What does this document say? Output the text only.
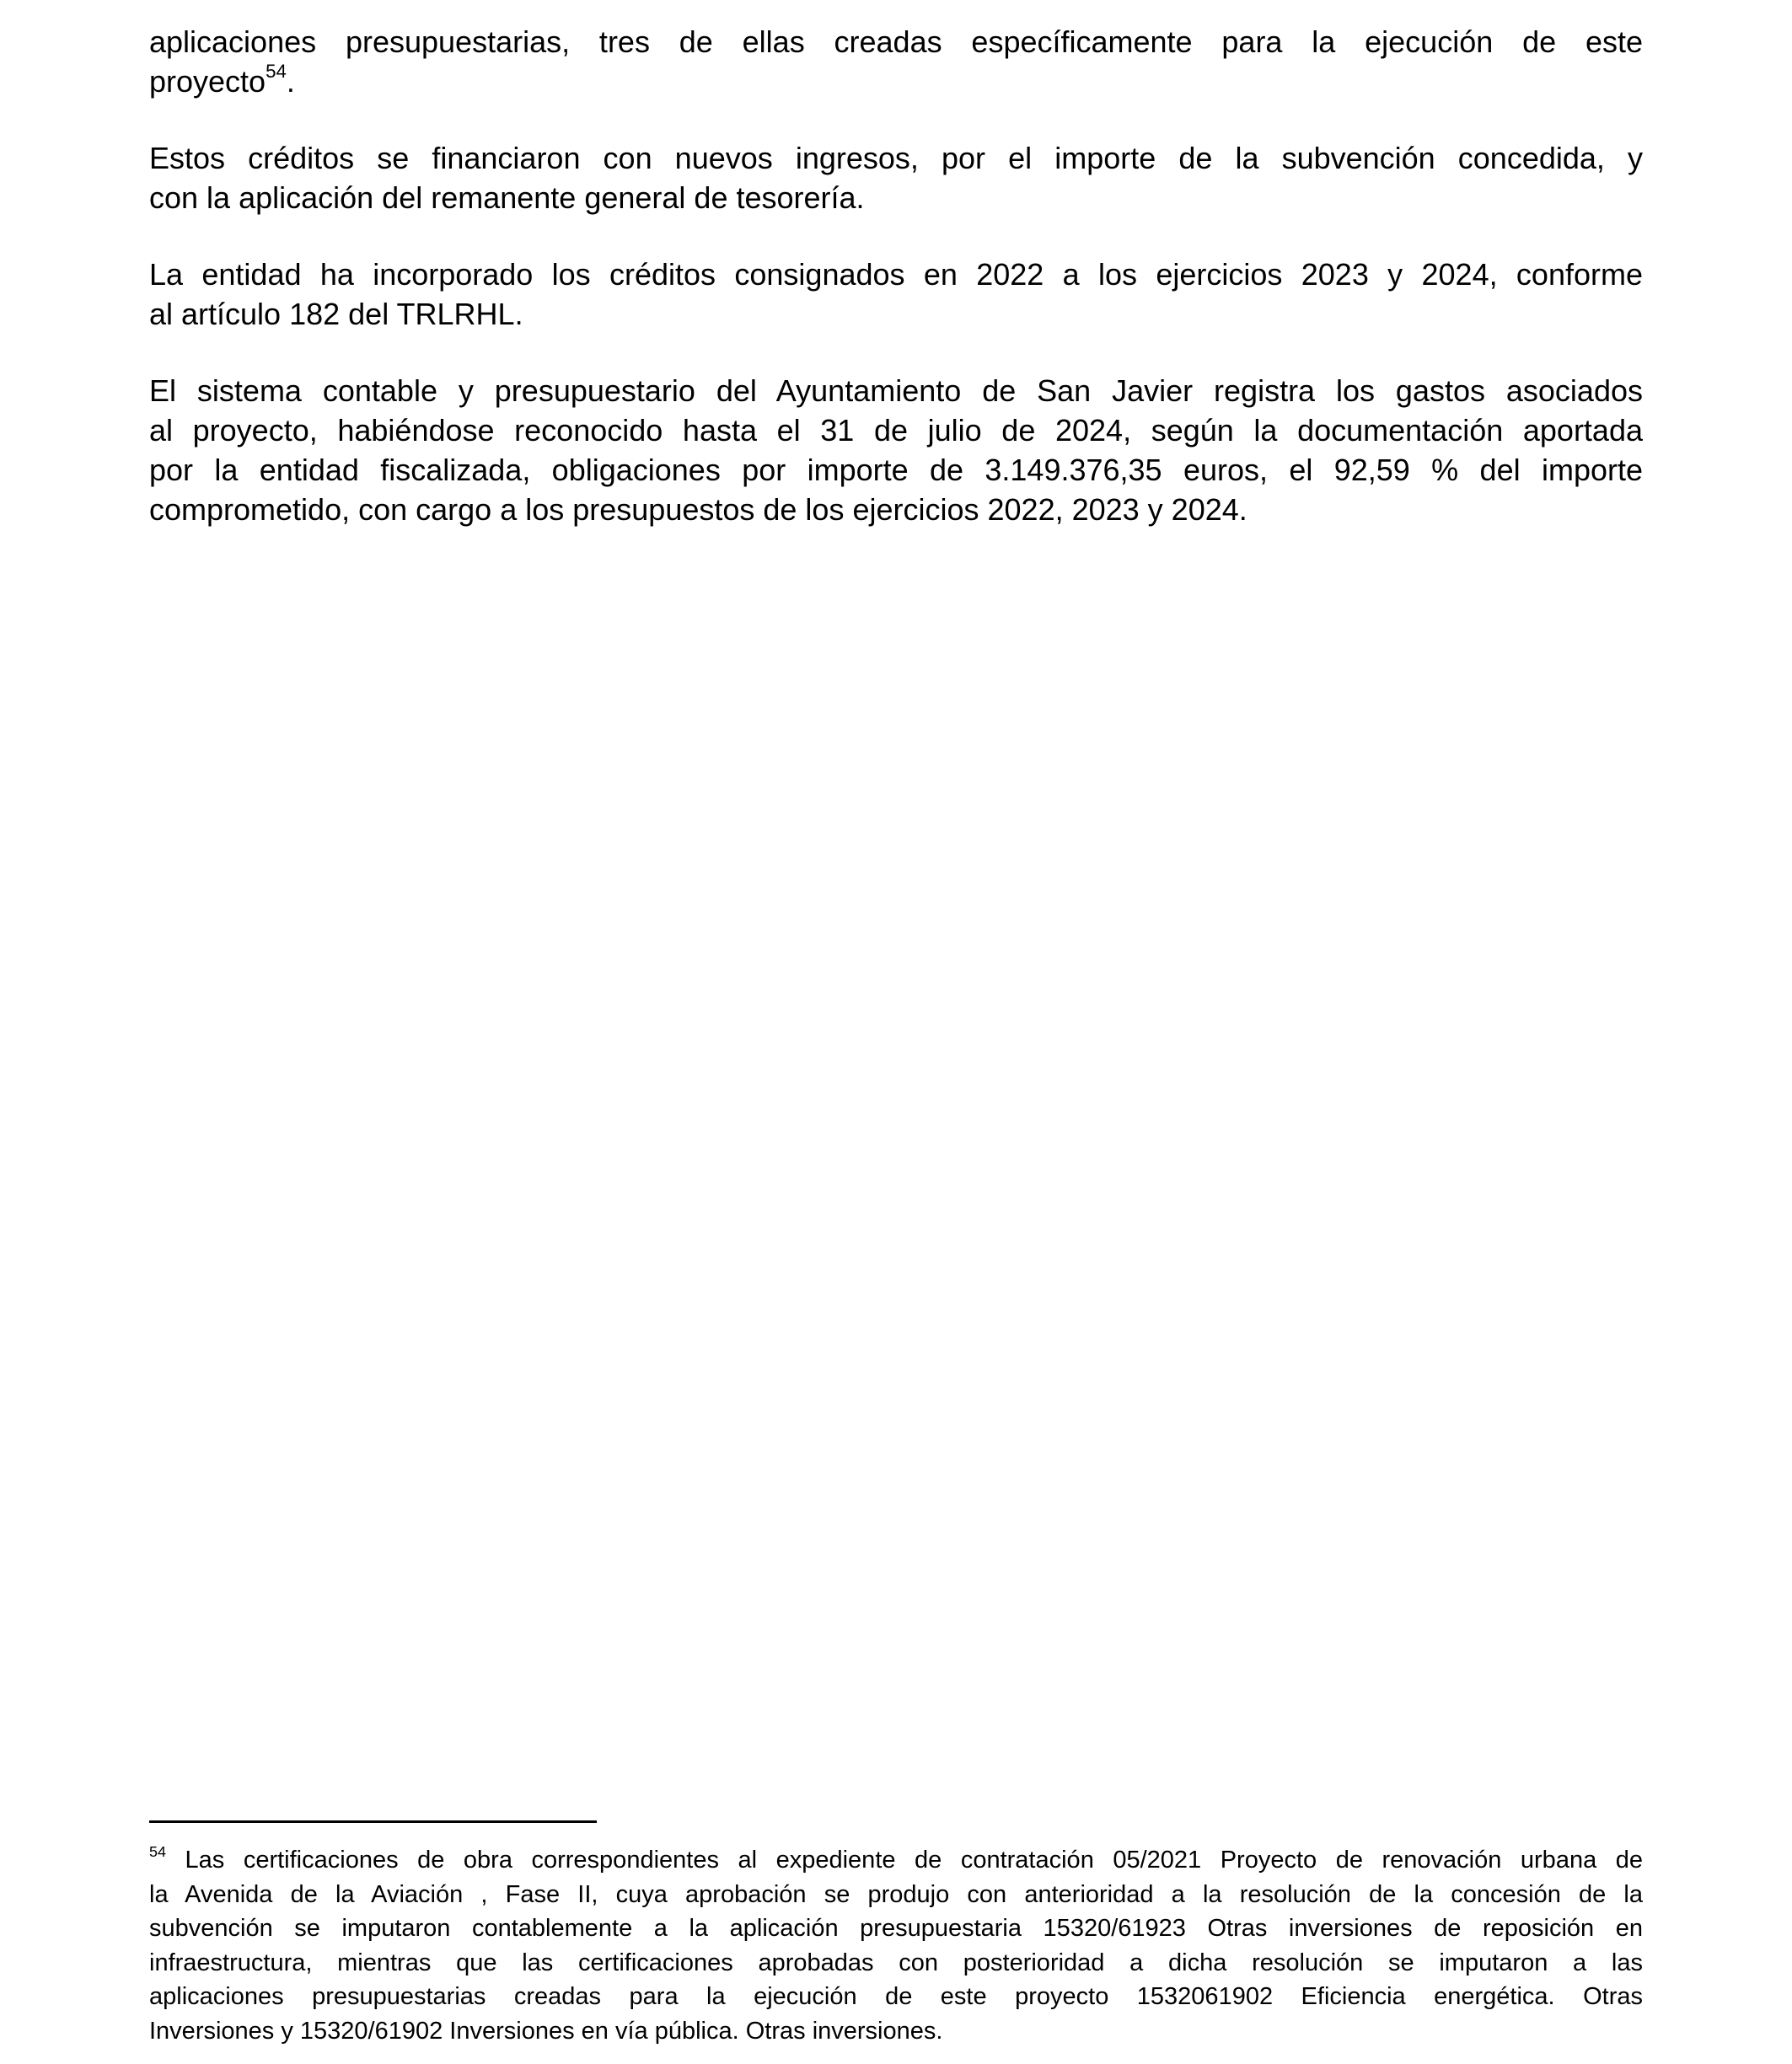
aplicaciones presupuestarias, tres de ellas creadas específicamente para la ejecución de este
proyecto$^{54}$.
Estos créditos se financiaron con nuevos ingresos, por el importe de la subvención concedida, y
con la aplicación del remanente general de tesorería.
La entidad ha incorporado los créditos consignados en 2022 a los ejercicios 2023 y 2024, conforme
al artículo 182 del TRLRHL.
El sistema contable y presupuestario del Ayuntamiento de San Javier registra los gastos asociados
al proyecto, habiéndose reconocido hasta el 31 de julio de 2024, según la documentación aportada
por la entidad fiscalizada, obligaciones por importe de 3.149.376,35 euros, el 92,59 % del importe
comprometido, con cargo a los presupuestos de los ejercicios 2022, 2023 y 2024.
$^{54}$ Las certificaciones de obra correspondientes al expediente de contratación 05/2021 Proyecto de renovación urbana de
la Avenida de la Aviación , Fase II, cuya aprobación se produjo con anterioridad a la resolución de la concesión de la
subvención se imputaron contablemente a la aplicación presupuestaria 15320/61923 Otras inversiones de reposición en
infraestructura, mientras que las certificaciones aprobadas con posterioridad a dicha resolución se imputaron a las
aplicaciones presupuestarias creadas para la ejecución de este proyecto 1532061902 Eficiencia energética. Otras
Inversiones y 15320/61902 Inversiones en vía pública. Otras inversiones.
